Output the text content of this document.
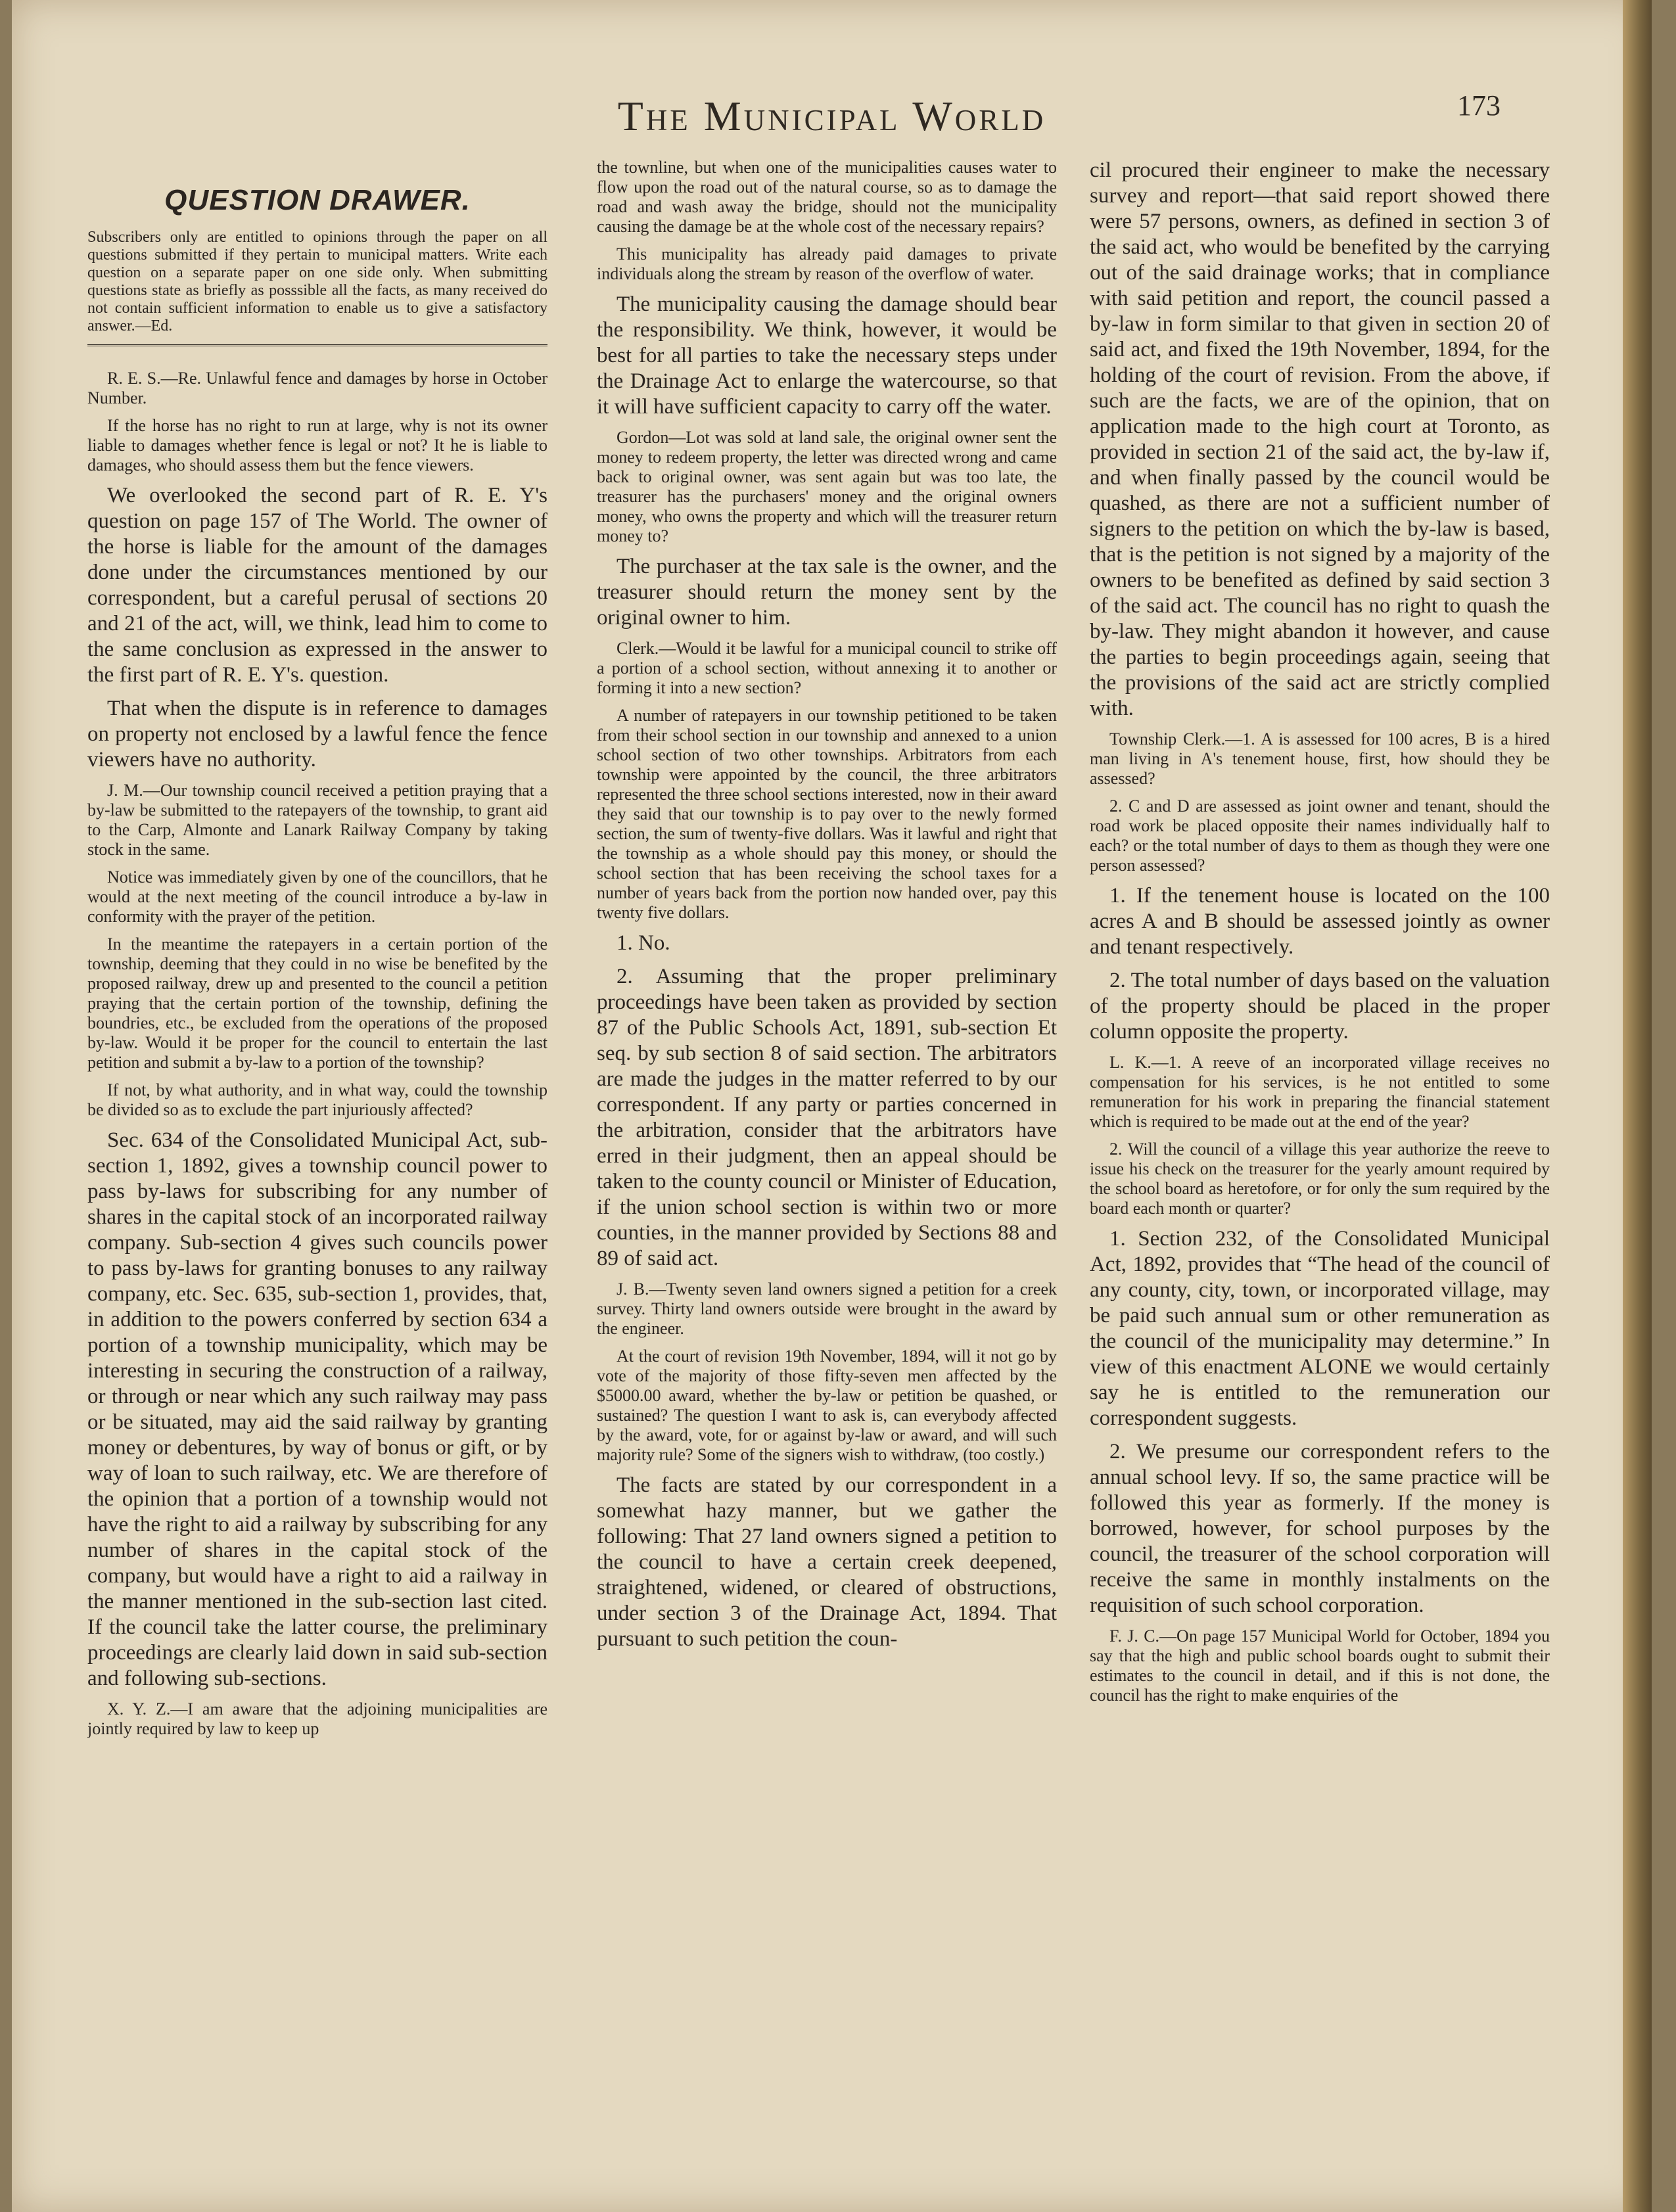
The Municipal World	173
QUESTION DRAWER.

Subscribers only are entitled to opinions through the paper on all questions submitted if they pertain to municipal matters. Write each question on a separate paper on one side only. When submitting questions state as briefly as posssible all the facts, as many received do not contain sufficient information to enable us to give a satisfactory answer.—Ed.

R. E. S.—Re. Unlawful fence and damages by horse in October Number.

If the horse has no right to run at large, why is not its owner liable to damages whether fence is legal or not? It he is liable to damages, who should assess them but the fence viewers.

We overlooked the second part of R. E. Y's question on page 157 of The World. The owner of the horse is liable for the amount of the damages done under the circumstances mentioned by our correspondent, but a careful perusal of sections 20 and 21 of the act, will, we think, lead him to come to the same conclusion as expressed in the answer to the first part of R. E. Y's. question.

That when the dispute is in reference to damages on property not enclosed by a lawful fence the fence viewers have no authority.

J. M.—Our township council received a petition praying that a by-law be submitted to the ratepayers of the township, to grant aid to the Carp, Almonte and Lanark Railway Company by taking stock in the same.

Notice was immediately given by one of the councillors, that he would at the next meeting of the council introduce a by-law in conformity with the prayer of the petition.

In the meantime the ratepayers in a certain portion of the township, deeming that they could in no wise be benefited by the proposed railway, drew up and presented to the council a petition praying that the certain portion of the township, defining the boundries, etc., be excluded from the operations of the proposed by-law. Would it be proper for the council to entertain the last petition and submit a by-law to a portion of the township?

If not, by what authority, and in what way, could the township be divided so as to exclude the part injuriously affected?

Sec. 634 of the Consolidated Municipal Act, sub-section 1, 1892, gives a township council power to pass by-laws for subscribing for any number of shares in the capital stock of an incorporated railway company. Sub-section 4 gives such councils power to pass by-laws for granting bonuses to any railway company, etc. Sec. 635, sub-section 1, provides, that, in addition to the powers conferred by section 634 a portion of a township municipality, which may be interesting in securing the construction of a railway, or through or near which any such railway may pass or be situated, may aid the said railway by granting money or debentures, by way of bonus or gift, or by way of loan to such railway, etc. We are therefore of the opinion that a portion of a township would not have the right to aid a railway by subscribing for any number of shares in the capital stock of the company, but would have a right to aid a railway in the manner mentioned in the sub-section last cited. If the council take the latter course, the preliminary proceedings are clearly laid down in said sub-section and following sub-sections.

X. Y. Z.—I am aware that the adjoining municipalities are jointly required by law to keep up

the townline, but when one of the municipalities causes water to flow upon the road out of the natural course, so as to damage the road and wash away the bridge, should not the municipality causing the damage be at the whole cost of the necessary repairs?

This municipality has already paid damages to private individuals along the stream by reason of the overflow of water.

The municipality causing the damage should bear the responsibility. We think, however, it would be best for all parties to take the necessary steps under the Drainage Act to enlarge the watercourse, so that it will have sufficient capacity to carry off the water.

Gordon—Lot was sold at land sale, the original owner sent the money to redeem property, the letter was directed wrong and came back to original owner, was sent again but was too late, the treasurer has the purchasers' money and the original owners money, who owns the property and which will the treasurer return money to?

The purchaser at the tax sale is the owner, and the treasurer should return the money sent by the original owner to him.

Clerk.—Would it be lawful for a municipal council to strike off a portion of a school section, without annexing it to another or forming it into a new section?

A number of ratepayers in our township petitioned to be taken from their school section in our township and annexed to a union school section of two other townships. Arbitrators from each township were appointed by the council, the three arbitrators represented the three school sections interested, now in their award they said that our township is to pay over to the newly formed section, the sum of twenty-five dollars. Was it lawful and right that the township as a whole should pay this money, or should the school section that has been receiving the school taxes for a number of years back from the portion now handed over, pay this twenty five dollars.

1. No.

2. Assuming that the proper preliminary proceedings have been taken as provided by section 87 of the Public Schools Act, 1891, sub-section Et seq. by sub section 8 of said section. The arbitrators are made the judges in the matter referred to by our correspondent. If any party or parties concerned in the arbitration, consider that the arbitrators have erred in their judgment, then an appeal should be taken to the county council or Minister of Education, if the union school section is within two or more counties, in the manner provided by Sections 88 and 89 of said act.

J. B.—Twenty seven land owners signed a petition for a creek survey. Thirty land owners outside were brought in the award by the engineer.

At the court of revision 19th November, 1894, will it not go by vote of the majority of those fifty-seven men affected by the $5000.00 award, whether the by-law or petition be quashed, or sustained? The question I want to ask is, can everybody affected by the award, vote, for or against by-law or award, and will such majority rule? Some of the signers wish to withdraw, (too costly.)

The facts are stated by our correspondent in a somewhat hazy manner, but we gather the following: That 27 land owners signed a petition to the council to have a certain creek deepened, straightened, widened, or cleared of obstructions, under section 3 of the Drainage Act, 1894. That pursuant to such petition the coun-

cil procured their engineer to make the necessary survey and report—that said report showed there were 57 persons, owners, as defined in section 3 of the said act, who would be benefited by the carrying out of the said drainage works; that in compliance with said petition and report, the council passed a by-law in form similar to that given in section 20 of said act, and fixed the 19th November, 1894, for the holding of the court of revision. From the above, if such are the facts, we are of the opinion, that on application made to the high court at Toronto, as provided in section 21 of the said act, the by-law if, and when finally passed by the council would be quashed, as there are not a sufficient number of signers to the petition on which the by-law is based, that is the petition is not signed by a majority of the owners to be benefited as defined by said section 3 of the said act. The council has no right to quash the by-law. They might abandon it however, and cause the parties to begin proceedings again, seeing that the provisions of the said act are strictly complied with.

Township Clerk.—1. A is assessed for 100 acres, B is a hired man living in A's tenement house, first, how should they be assessed?

2. C and D are assessed as joint owner and tenant, should the road work be placed opposite their names individually half to each? or the total number of days to them as though they were one person assessed?

1. If the tenement house is located on the 100 acres A and B should be assessed jointly as owner and tenant respectively.

2. The total number of days based on the valuation of the property should be placed in the proper column opposite the property.

L. K.—1. A reeve of an incorporated village receives no compensation for his services, is he not entitled to some remuneration for his work in preparing the financial statement which is required to be made out at the end of the year?

2. Will the council of a village this year authorize the reeve to issue his check on the treasurer for the yearly amount required by the school board as heretofore, or for only the sum required by the board each month or quarter?

1. Section 232, of the Consolidated Municipal Act, 1892, provides that “The head of the council of any county, city, town, or incorporated village, may be paid such annual sum or other remuneration as the council of the municipality may determine.” In view of this enactment ALONE we would certainly say he is entitled to the remuneration our correspondent suggests.

2. We presume our correspondent refers to the annual school levy. If so, the same practice will be followed this year as formerly. If the money is borrowed, however, for school purposes by the council, the treasurer of the school corporation will receive the same in monthly instalments on the requisition of such school corporation.

F. J. C.—On page 157 Municipal World for October, 1894 you say that the high and public school boards ought to submit their estimates to the council in detail, and if this is not done, the council has the right to make enquiries of the
